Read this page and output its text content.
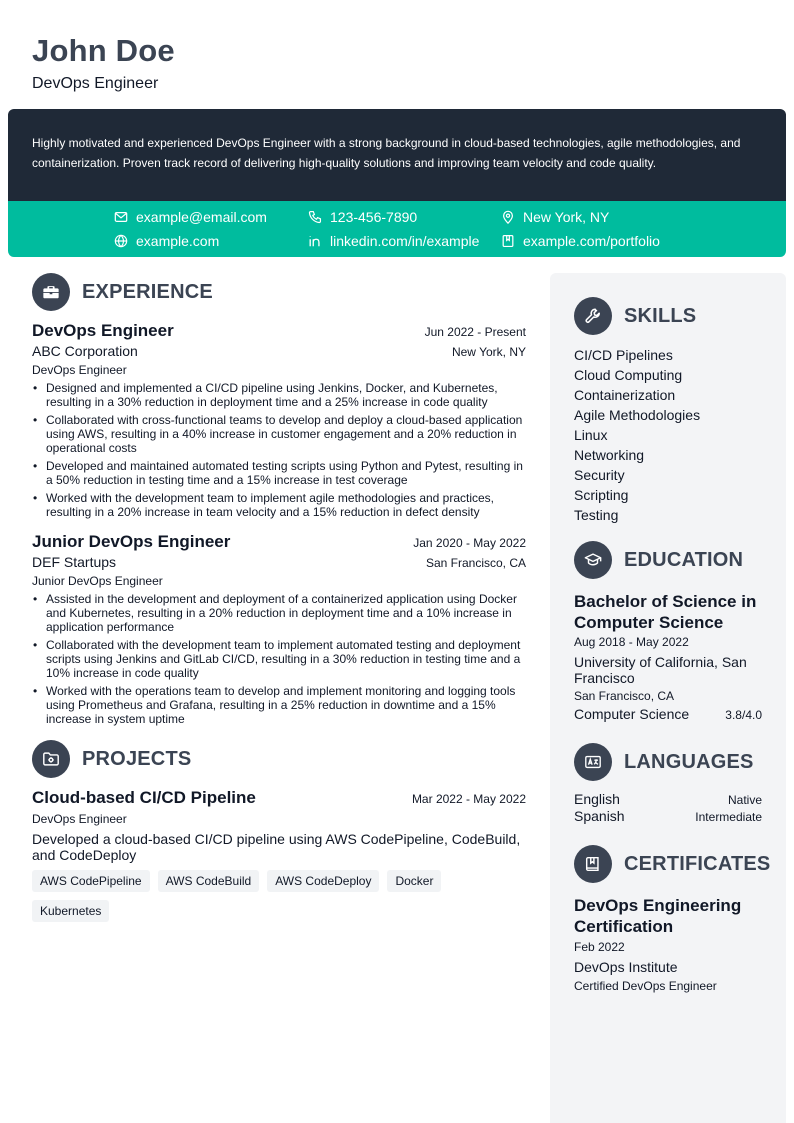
John Doe
DevOps Engineer
Highly motivated and experienced DevOps Engineer with a strong background in cloud-based technologies, agile methodologies, and containerization. Proven track record of delivering high-quality solutions and improving team velocity and code quality.
example@email.com	123-456-7890	New York, NY
example.com	linkedin.com/in/example	example.com/portfolio
EXPERIENCE
DevOps Engineer	Jun 2022 - Present
ABC Corporation	New York, NY
DevOps Engineer
• Designed and implemented a CI/CD pipeline using Jenkins, Docker, and Kubernetes, resulting in a 30% reduction in deployment time and a 25% increase in code quality
• Collaborated with cross-functional teams to develop and deploy a cloud-based application using AWS, resulting in a 40% increase in customer engagement and a 20% reduction in operational costs
• Developed and maintained automated testing scripts using Python and Pytest, resulting in a 50% reduction in testing time and a 15% increase in test coverage
• Worked with the development team to implement agile methodologies and practices, resulting in a 20% increase in team velocity and a 15% reduction in defect density
Junior DevOps Engineer	Jan 2020 - May 2022
DEF Startups	San Francisco, CA
Junior DevOps Engineer
• Assisted in the development and deployment of a containerized application using Docker and Kubernetes, resulting in a 20% reduction in deployment time and a 10% increase in application performance
• Collaborated with the development team to implement automated testing and deployment scripts using Jenkins and GitLab CI/CD, resulting in a 30% reduction in testing time and a 10% increase in code quality
• Worked with the operations team to develop and implement monitoring and logging tools using Prometheus and Grafana, resulting in a 25% reduction in downtime and a 15% increase in system uptime
PROJECTS
Cloud-based CI/CD Pipeline	Mar 2022 - May 2022
DevOps Engineer
Developed a cloud-based CI/CD pipeline using AWS CodePipeline, CodeBuild, and CodeDeploy
AWS CodePipeline	AWS CodeBuild	AWS CodeDeploy	Docker
Kubernetes
SKILLS
CI/CD Pipelines
Cloud Computing
Containerization
Agile Methodologies
Linux
Networking
Security
Scripting
Testing
EDUCATION
Bachelor of Science in Computer Science
Aug 2018 - May 2022
University of California, San Francisco
San Francisco, CA
Computer Science	3.8/4.0
LANGUAGES
English	Native
Spanish	Intermediate
CERTIFICATES
DevOps Engineering Certification
Feb 2022
DevOps Institute
Certified DevOps Engineer
